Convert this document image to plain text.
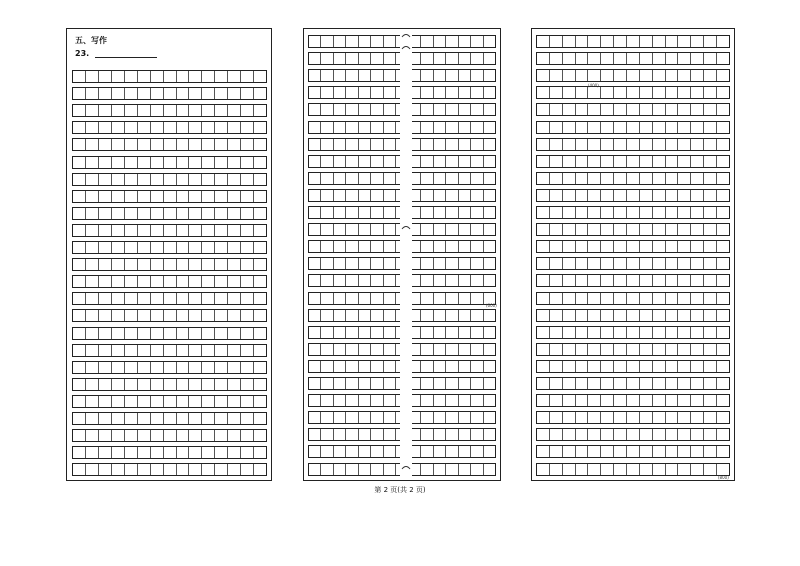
五、写作
23.
(600)
(400)
(800)
第 2 页(共 2 页)
